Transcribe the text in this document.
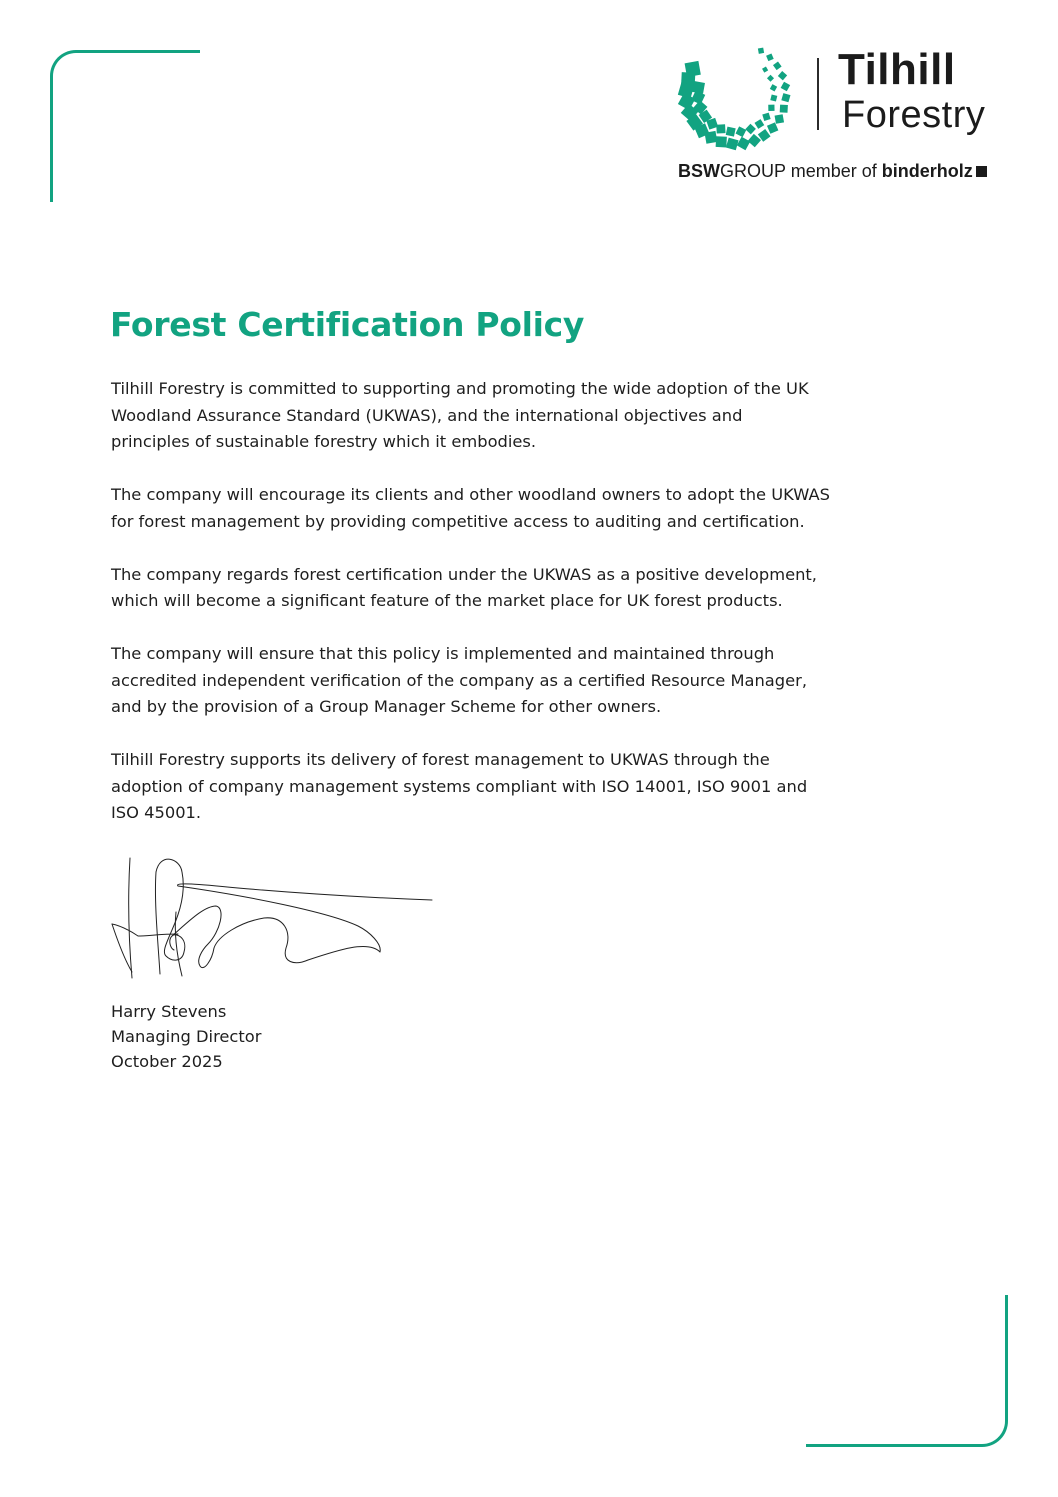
Tilhill
Forestry
BSWGROUP member of binderholz
Forest Certification Policy

Tilhill Forestry is committed to supporting and promoting the wide adoption of the UK
Woodland Assurance Standard (UKWAS), and the international objectives and
principles of sustainable forestry which it embodies.

The company will encourage its clients and other woodland owners to adopt the UKWAS
for forest management by providing competitive access to auditing and certification.

The company regards forest certification under the UKWAS as a positive development,
which will become a significant feature of the market place for UK forest products.

The company will ensure that this policy is implemented and maintained through
accredited independent verification of the company as a certified Resource Manager,
and by the provision of a Group Manager Scheme for other owners.

Tilhill Forestry supports its delivery of forest management to UKWAS through the
adoption of company management systems compliant with ISO 14001, ISO 9001 and
ISO 45001.

Harry Stevens
Managing Director
October 2025
